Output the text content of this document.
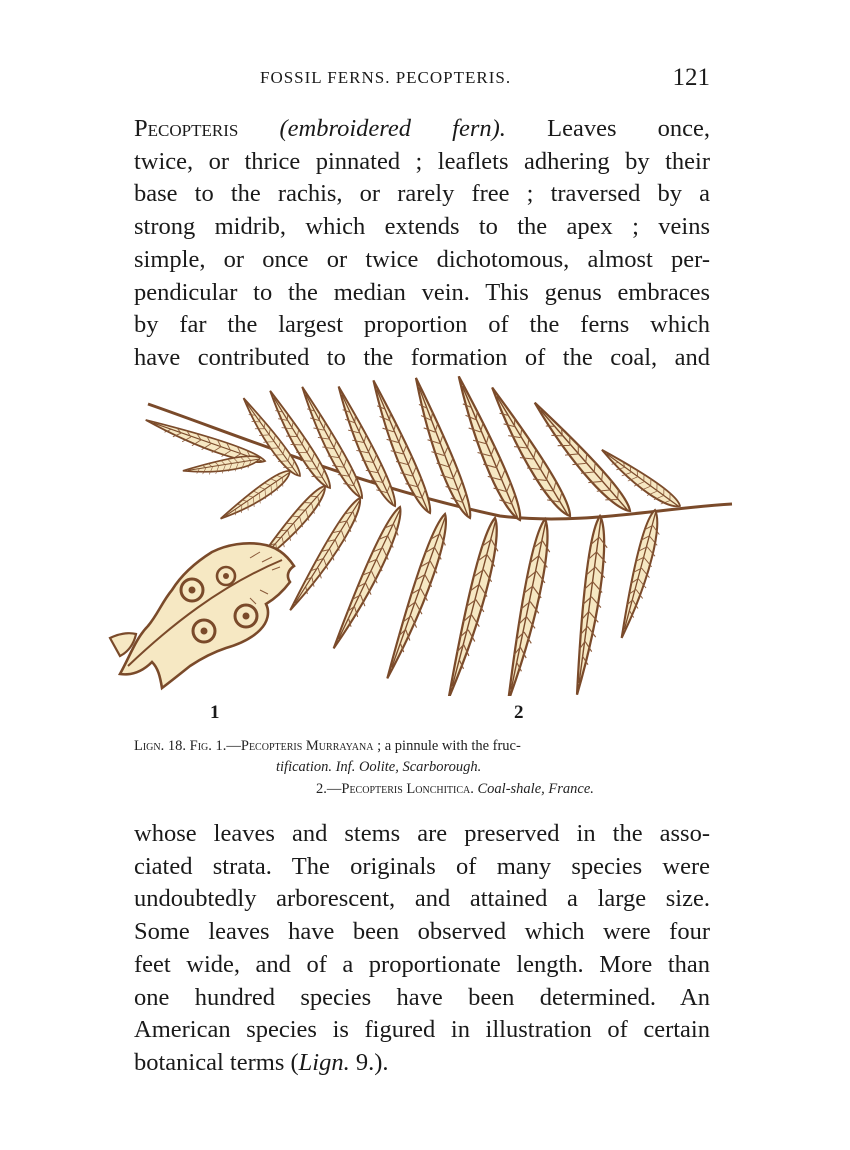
FOSSIL FERNS. PECOPTERIS.	121
Pecopteris (embroidered fern). Leaves once,
twice, or thrice pinnated ; leaflets adhering by their
base to the rachis, or rarely free ; traversed by a
strong midrib, which extends to the apex ; veins
simple, or once or twice dichotomous, almost per-
pendicular to the median vein. This genus embraces
by far the largest proportion of the ferns which
have contributed to the formation of the coal, and
1	2
Lign. 18. Fig. 1.—Pecopteris Murrayana ; a pinnule with the fruc-
tification. Inf. Oolite, Scarborough.
2.—Pecopteris Lonchitica. Coal-shale, France.
whose leaves and stems are preserved in the asso-
ciated strata. The originals of many species were
undoubtedly arborescent, and attained a large size.
Some leaves have been observed which were four
feet wide, and of a proportionate length. More than
one hundred species have been determined. An
American species is figured in illustration of certain
botanical terms (Lign. 9.).
